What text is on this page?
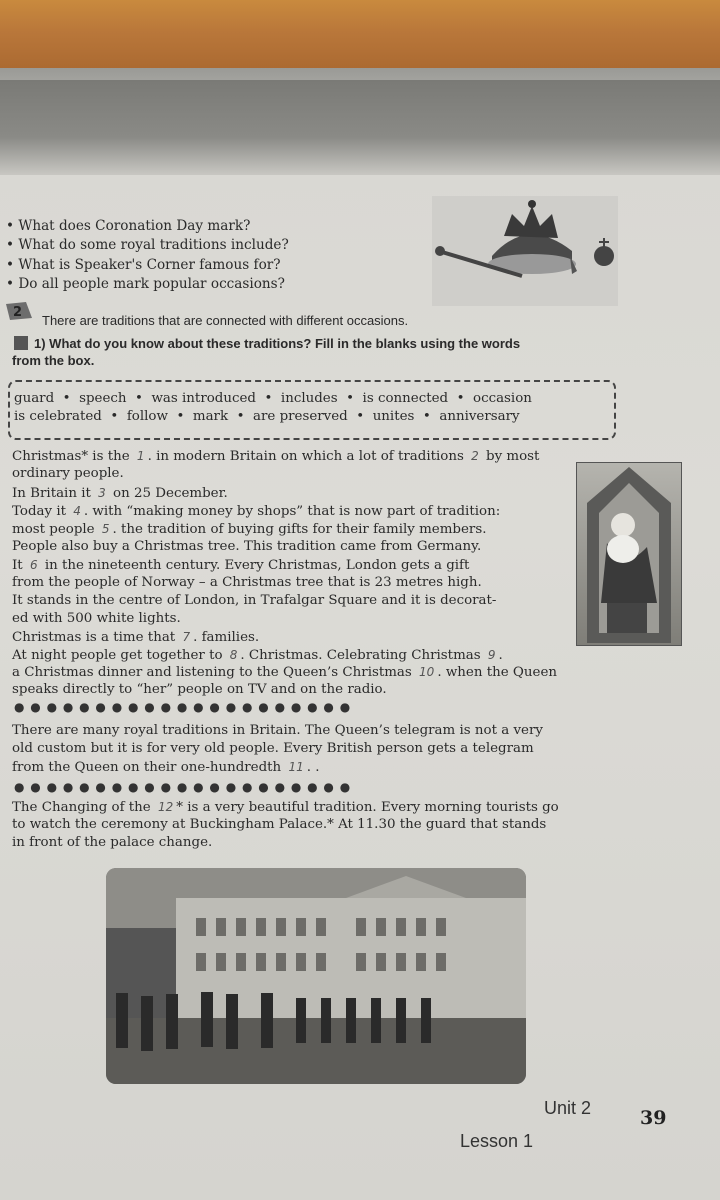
• What does Coronation Day mark?
• What do some royal traditions include?
• What is Speaker's Corner famous for?
• Do all people mark popular occasions?
2
There are traditions that are connected with different occasions.
1) What do you know about these traditions? Fill in the blanks using the words
from the box.
guard  •  speech  •  was introduced  •  includes  •  is connected  •  occasion
is celebrated  •  follow  •  mark  •  are preserved  •  unites  •  anniversary
Christmas* is the 1 . in modern Britain on which a lot of traditions 2 by most
ordinary people.
In Britain it 3 on 25 December.
Today it 4 . with “making money by shops” that is now part of tradition:
most people 5 . the tradition of buying gifts for their family members.
People also buy a Christmas tree. This tradition came from Germany.
It 6 in the nineteenth century. Every Christmas, London gets a gift
from the people of Norway – a Christmas tree that is 23 metres high.
It stands in the centre of London, in Trafalgar Square and it is decorat-
ed with 500 white lights.
Christmas is a time that 7 . families.
At night people get together to 8 . Christmas. Celebrating Christmas 9 .
a Christmas dinner and listening to the Queen’s Christmas 10 . when the Queen
speaks directly to “her” people on TV and on the radio.
● ● ● ● ● ● ● ● ● ● ● ● ● ● ● ● ● ● ● ● ●
There are many royal traditions in Britain. The Queen’s telegram is not a very
old custom but it is for very old people. Every British person gets a telegram
from the Queen on their one-hundredth 11 . .
● ● ● ● ● ● ● ● ● ● ● ● ● ● ● ● ● ● ● ● ●
The Changing of the 12 * is a very beautiful tradition. Every morning tourists go
to watch the ceremony at Buckingham Palace.* At 11.30 the guard that stands
in front of the palace change.
Unit 2	39
Lesson 1
